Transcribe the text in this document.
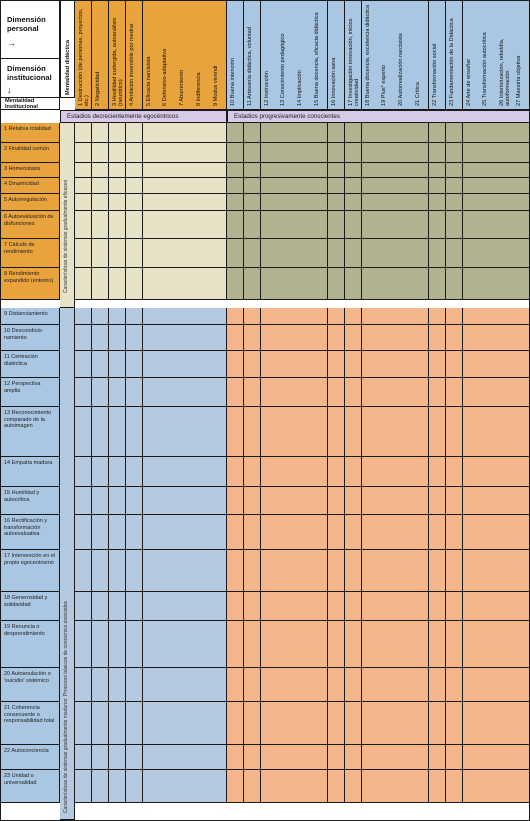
Dimensión personal
→
Dimensión institucional
↓	Mentalidad didáctica
Mentalidad Institucional
1 Destrucción (de personas, proyectos, etc.) 2 Negatividad 3 Hostilidad surtergida, autoanálisis (neurótico) 4 Ambición insensible por medrar 5 Eficacia narcisista 6 Defensivo-adaptativa 7 Aburrimiento 8 Indiferencia 9 Modus vivendi 10 Buena intención 11 Artesanía didáctica, voluntad 12 Instrucción 13 Conocimiento pedagógico 14 Implicación 15 Buena docencia, eficacia didáctica 16 Innovación sana 17 Investigación innovación, inicios creatividad 18 Buena docencia, excelencia didáctica 19 Plus* experto 20 Autorrealización narcisista 21 Crítica 22 Transformación social 23 Fundamentación de la Didáctica 24 Arte de enseñar 25 Transformación autocrítica 26 Interiorización, rebeldía, autoformación 27 Maestría objetiva
Estadios decrecientemente egocéntricos	Estadios progresivamente conscientes
1 Relativa totalidad
2 Finalidad común
3 Homeostasis
4 Dinamicidad
5 Autorregulación
6 Autoevaluación de disfunciones
7 Cálculo de rendimiento
8 Rendimiento expandido (entorno)
9 Distanciamiento
10 Descondicio-namiento
11 Centración dialéctica
12 Perspectiva amplia
13 Reconocimiento comparado de la autoimagen
14 Empatía madura
15 Humildad y autocrítica
16 Rectificación y transformación autoevaluativa
17 Intervención en el propio egocentrismo
18 Generosidad y solidaridad
19 Renuncia o desprendimiento
20 Autoanulación o 'suicidio' sistémico
21 Coherencia consecuente o responsabilidad total
22 Autoconciencia
23 Unidad o universalidad
Características de sistemas gradualmente eficaces
Características de sistemas gradualmente maduros: Procesos básicos de conciencia asociados
